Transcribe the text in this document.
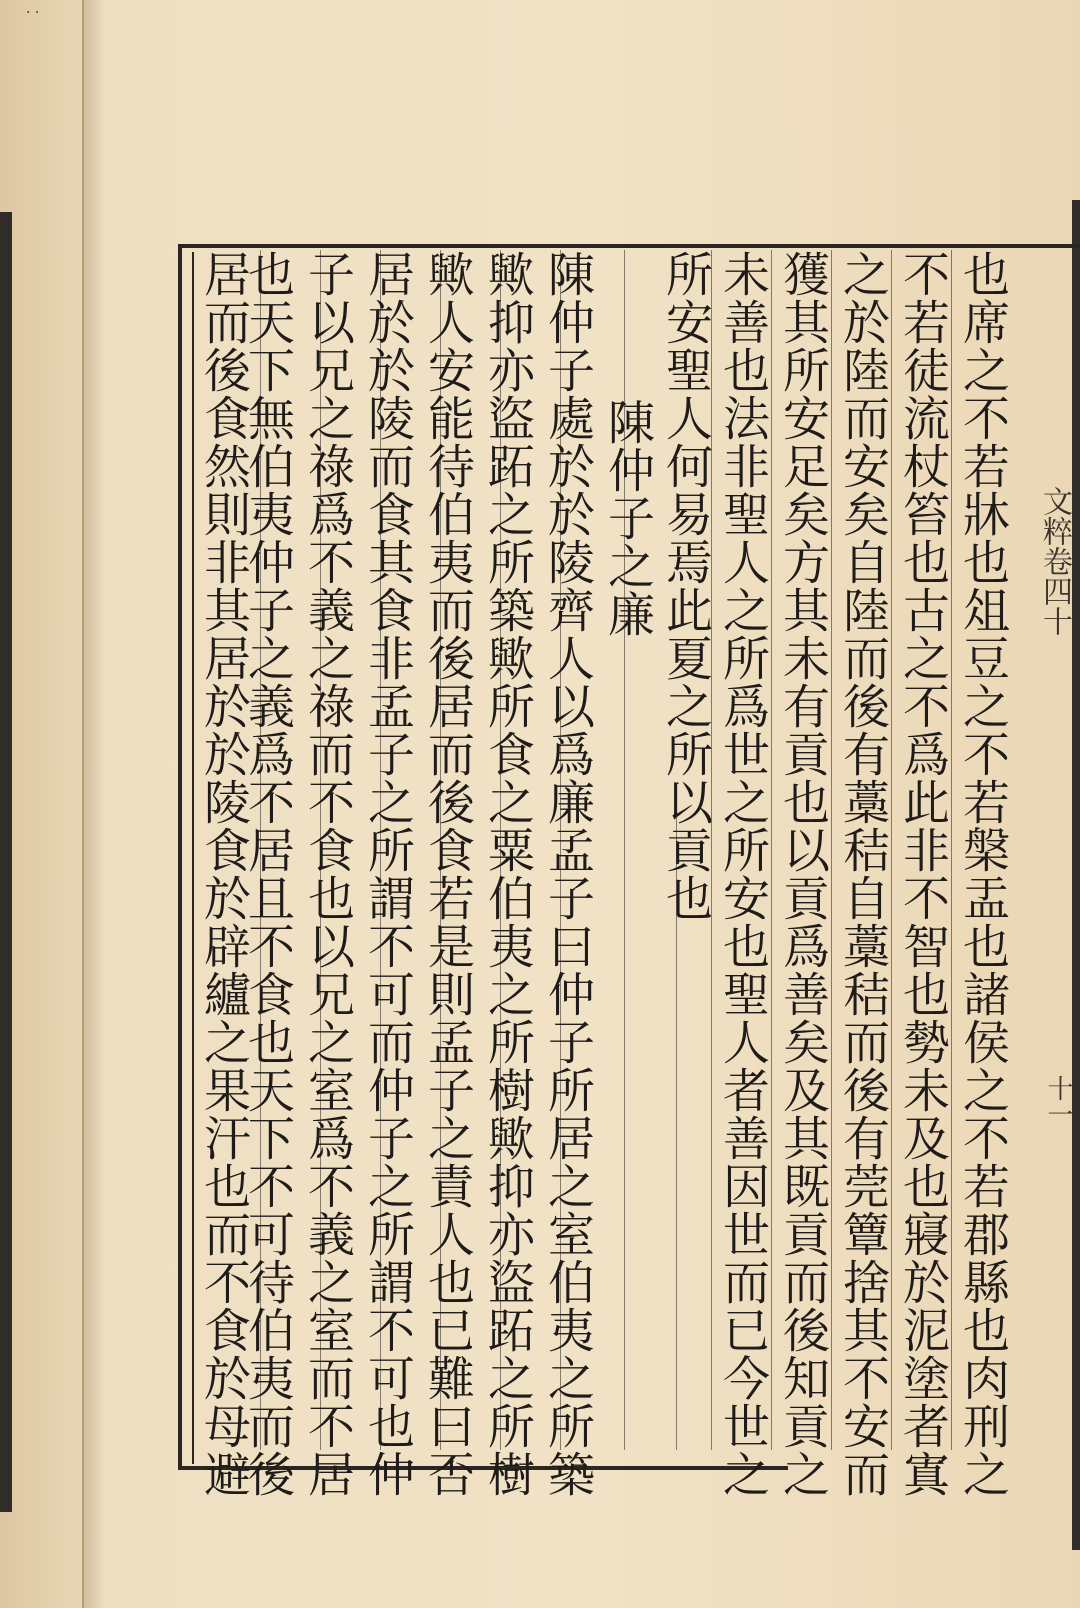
· ·
文粹卷四十
十一
也席之不若牀也俎豆之不若槃盂也諸侯之不若郡縣也肉刑之
不若徒流杖笞也古之不爲此非不智也勢未及也寢於泥塗者寘
之於陸而安矣自陸而後有藁秸自藁秸而後有莞簟捨其不安而
獲其所安足矣方其未有貢也以貢爲善矣及其既貢而後知貢之
未善也法非聖人之所爲世之所安也聖人者善因世而已今世之
所安聖人何易焉此夏之所以貢也
陳仲子之廉
陳仲子處於於陵齊人以爲廉孟子曰仲子所居之室伯夷之所築
歟抑亦盜跖之所築歟所食之粟伯夷之所樹歟抑亦盜跖之所樹
歟人安能待伯夷而後居而後食若是則孟子之責人也已難曰否
居於於陵而食其食非孟子之所謂不可而仲子之所謂不可也仲
子以兄之祿爲不義之祿而不食也以兄之室爲不義之室而不居
也天下無伯夷仲子之義爲不居且不食也天下不可待伯夷而後
居而後食然則非其居於於陵食於辟纑之果汗也而不食於母避
